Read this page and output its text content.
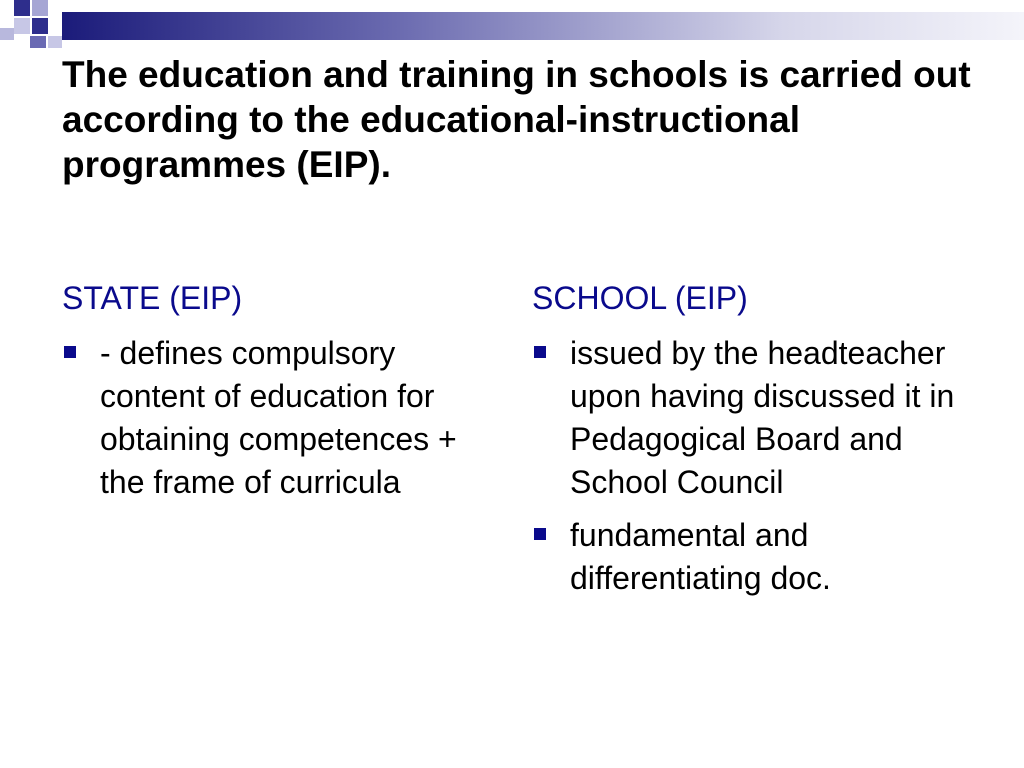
The education and training in schools is carried out according to the educational-instructional programmes (EIP).
STATE (EIP)
- defines compulsory content of education for obtaining competences + the frame of curricula
SCHOOL (EIP)
issued by the headteacher upon having discussed it in Pedagogical Board and School Council
fundamental and differentiating doc.
